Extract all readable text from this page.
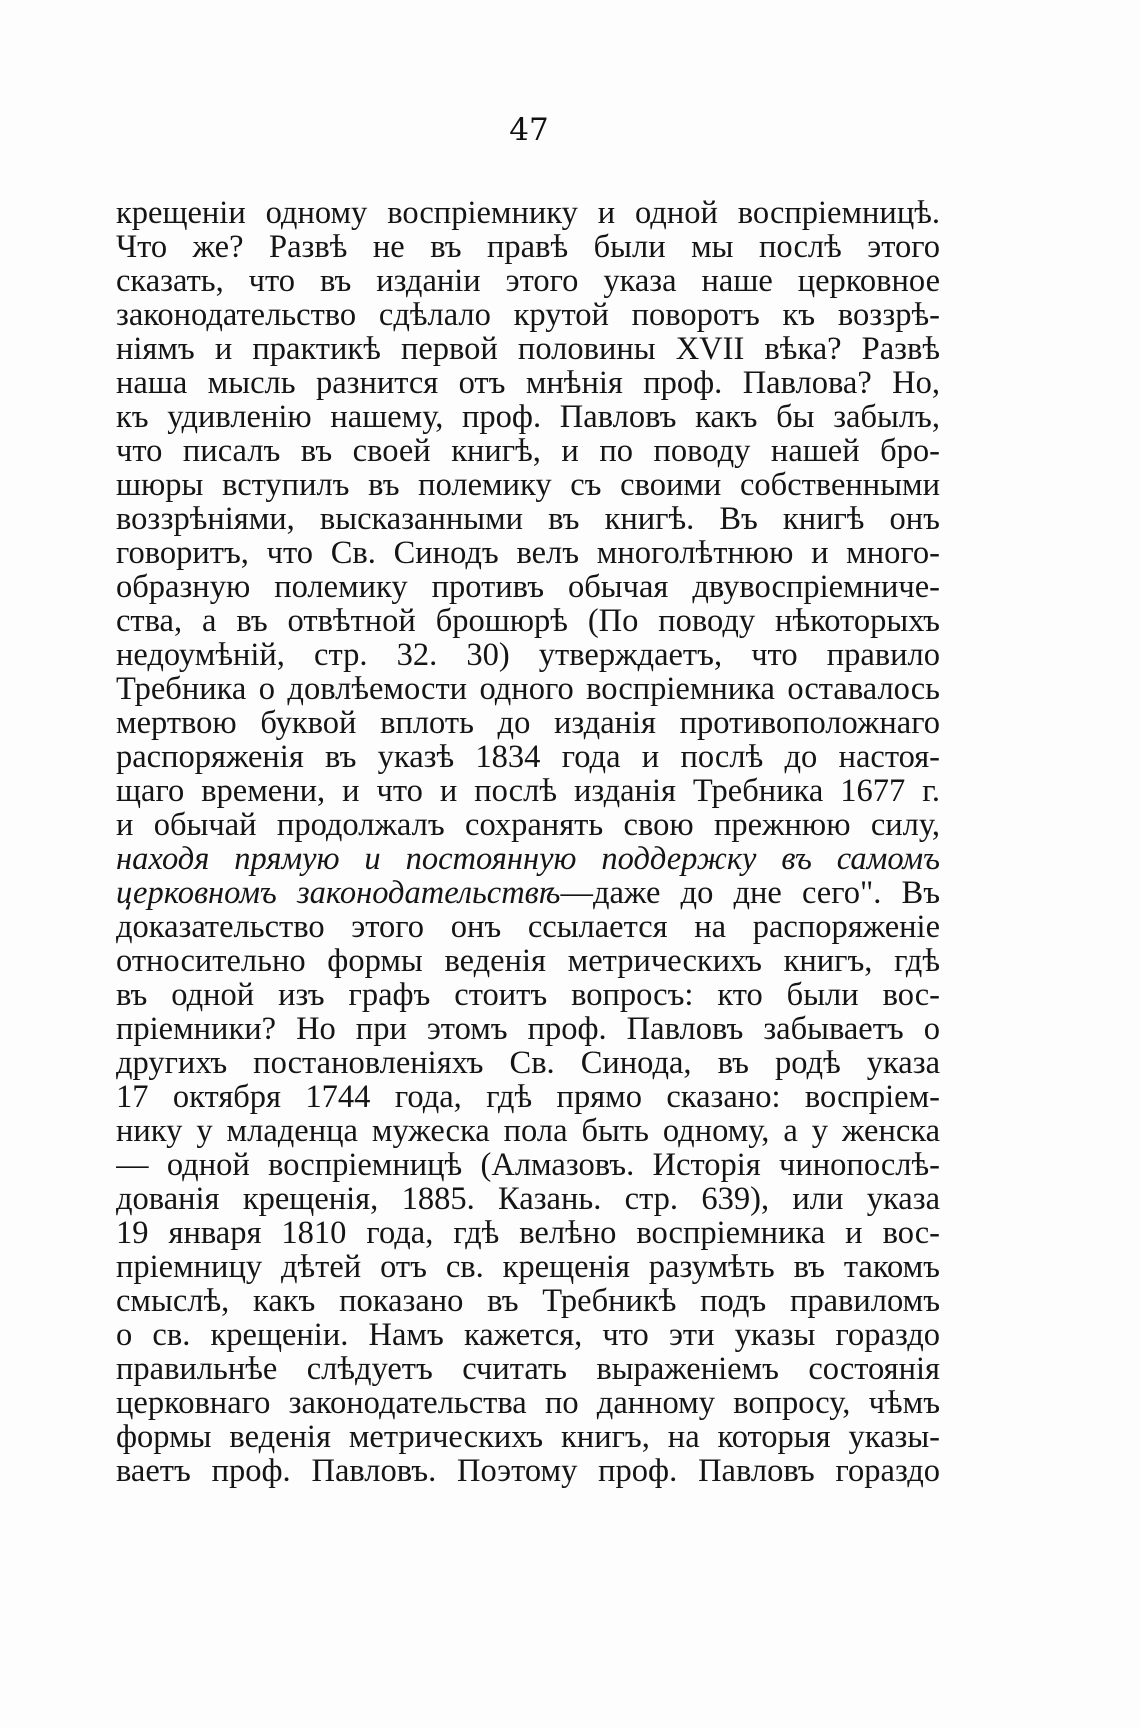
47
крещеніи одному воспріемнику и одной воспріемницѣ.
Что же? Развѣ не въ правѣ были мы послѣ этого
сказать, что въ изданіи этого указа наше церковное
законодательство сдѣлало крутой поворотъ къ воззрѣ-
ніямъ и практикѣ первой половины XVII вѣка? Развѣ
наша мысль разнится отъ мнѣнія проф. Павлова? Но,
къ удивленію нашему, проф. Павловъ какъ бы забылъ,
что писалъ въ своей книгѣ, и по поводу нашей бро-
шюры вступилъ въ полемику съ своими собственными
воззрѣніями, высказанными въ книгѣ. Въ книгѣ онъ
говоритъ, что Св. Синодъ велъ многолѣтнюю и много-
образную полемику противъ обычая двувоспріемниче-
ства, а въ отвѣтной брошюрѣ (По поводу нѣкоторыхъ
недоумѣній, стр. 32. 30) утверждаетъ, что правило
Требника о довлѣемости одного воспріемника оставалось
мертвою буквой вплоть до изданія противоположнаго
распоряженія въ указѣ 1834 года и послѣ до настоя-
щаго времени, и что и послѣ изданія Требника 1677 г.
и обычай продолжалъ сохранять свою прежнюю силу,
находя прямую и постоянную поддержку въ самомъ
церковномъ законодательствѣ—даже до дне сего". Въ
доказательство этого онъ ссылается на распоряженіе
относительно формы веденія метрическихъ книгъ, гдѣ
въ одной изъ графъ стоитъ вопросъ: кто были вос-
пріемники? Но при этомъ проф. Павловъ забываетъ о
другихъ постановленіяхъ Св. Синода, въ родѣ указа
17 октября 1744 года, гдѣ прямо сказано: воспріем-
нику у младенца мужеска пола быть одному, а у женска
— одной воспріемницѣ (Алмазовъ. Исторія чинопослѣ-
дованія крещенія, 1885. Казань. стр. 639), или указа
19 января 1810 года, гдѣ велѣно воспріемника и вос-
пріемницу дѣтей отъ св. крещенія разумѣть въ такомъ
смыслѣ, какъ показано въ Требникѣ подъ правиломъ
о св. крещеніи. Намъ кажется, что эти указы гораздо
правильнѣе слѣдуетъ считать выраженіемъ состоянія
церковнаго законодательства по данному вопросу, чѣмъ
формы веденія метрическихъ книгъ, на которыя указы-
ваетъ проф. Павловъ. Поэтому проф. Павловъ гораздо
